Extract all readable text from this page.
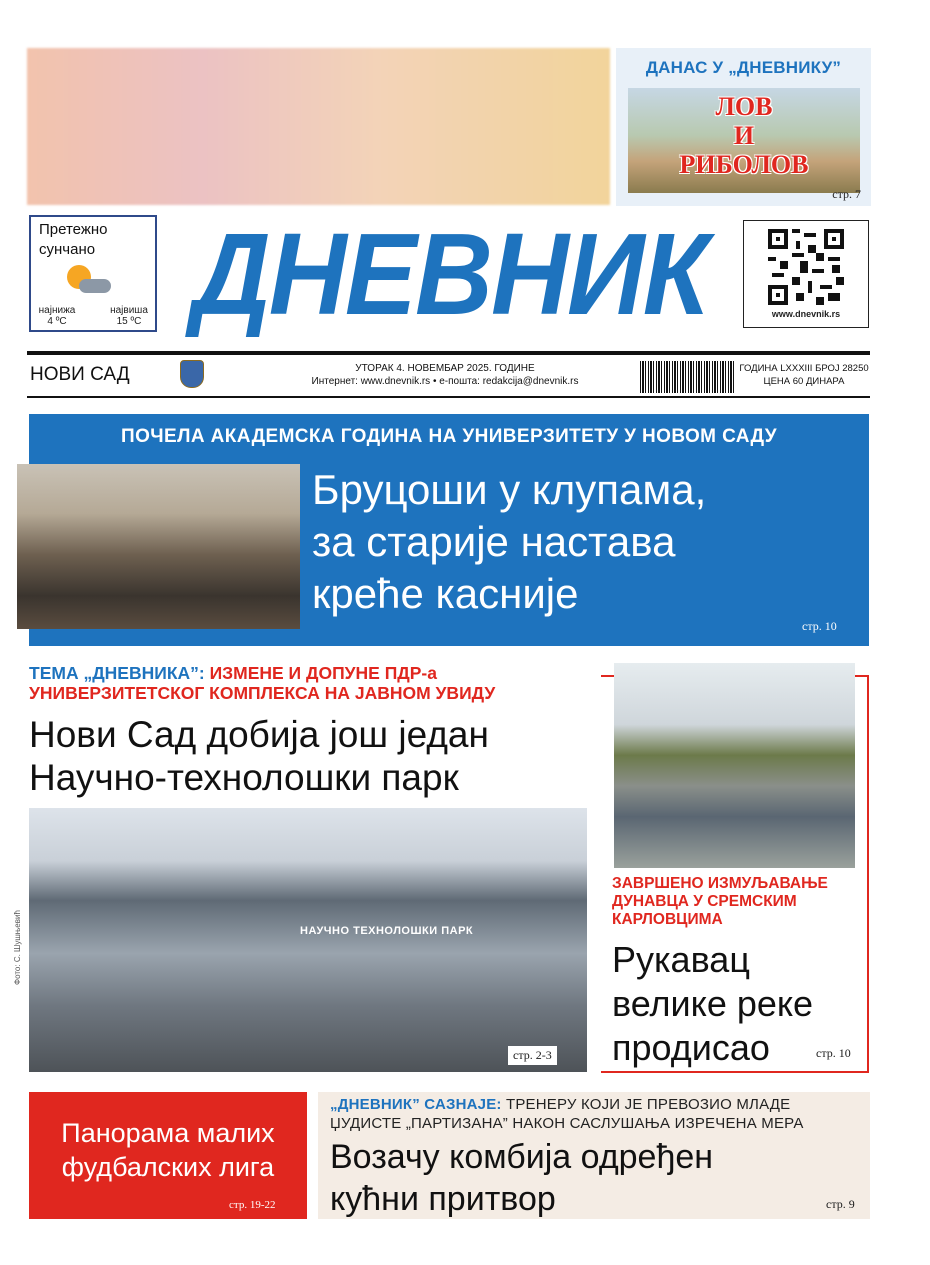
ДАНАС У „ДНЕВНИКУ”
ЛОВ
И
РИБОЛОВ
стр. 7
Претежно
сунчано
најнижа
4 ºC
највиша
15 ºC ДНЕВНИК	www.dnevnik.rs
НОВИ САД	УТОРАК 4. НОВЕМБАР 2025. ГОДИНЕ
Интернет: www.dnevnik.rs • е-пошта: redakcija@dnevnik.rs
ГОДИНА LXXXIII БРОЈ 28250
ЦЕНА 60 ДИНАРА
ПОЧЕЛА АКАДЕМСКА ГОДИНА НА УНИВЕРЗИТЕТУ У НОВОМ САДУ
Бруцоши у клупама,
за старије настава
креће касније
стр. 10
ТЕМА „ДНЕВНИКА”: ИЗМЕНЕ И ДОПУНЕ ПДР-а УНИВЕРЗИТЕТСКОГ КОМПЛЕКСА НА ЈАВНОМ УВИДУ
Нови Сад добија још један
Научно-технолошки парк
НАУЧНО ТЕХНОЛОШКИ ПАРК
стр. 2-3
Фото: С. Шушњевић
ЗАВРШЕНО ИЗМУЉАВАЊЕ ДУНАВЦА У СРЕМСКИМ КАРЛОВЦИМА
Рукавац
велике реке
продисао	стр. 10
Панорама малих
фудбалских лига
стр. 19-22
„ДНЕВНИК” САЗНАЈЕ: ТРЕНЕРУ КОЈИ ЈЕ ПРЕВОЗИО МЛАДЕ ЏУДИСТЕ „ПАРТИЗАНА” НАКОН САСЛУШАЊА ИЗРЕЧЕНА МЕРА
Возачу комбија одређен
кућни притвор	стр. 9
